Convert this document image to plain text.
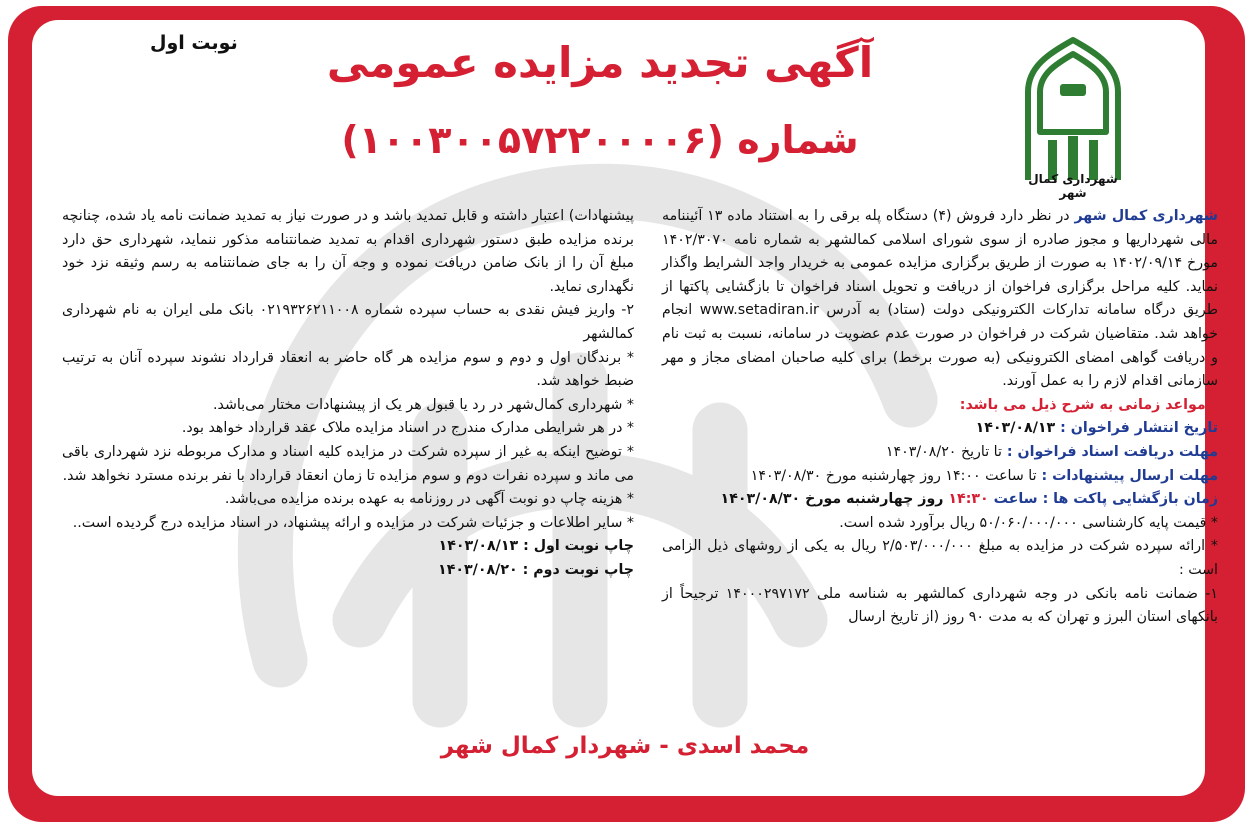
آگهی تجدید مزایده عمومی
شماره (۱۰۰۳۰۰۵۷۲۲۰۰۰۰۶)
نوبت اول
شهرداری کمال شهر

شهرداری کمال شهر در نظر دارد فروش (۴) دستگاه پله برقی را به استناد ماده ۱۳ آئیننامه مالی شهرداریها و مجوز صادره از سوی شورای اسلامی کمالشهر به شماره نامه ۱۴۰۲/۳۰۷۰ مورخ ۱۴۰۲/۰۹/۱۴ به صورت از طریق برگزاری مزایده عمومی به خریدار واجد الشرایط واگذار نماید. کلیه مراحل برگزاری فراخوان از دریافت و تحویل اسناد فراخوان تا بازگشایی پاکتها از طریق درگاه سامانه تدارکات الکترونیکی دولت (ستاد) به آدرس www.setadiran.ir انجام خواهد شد. متقاضیان شرکت در فراخوان در صورت عدم عضویت در سامانه، نسبت به ثبت نام و دریافت گواهی امضای الکترونیکی (به صورت برخط) برای کلیه صاحبان امضای مجاز و مهر سازمانی اقدام لازم را به عمل آورند.

* مواعد زمانی به شرح ذیل می باشد:

تاریخ انتشار فراخوان : ۱۴۰۳/۰۸/۱۳

مهلت دریافت اسناد فراخوان : تا تاریخ ۱۴۰۳/۰۸/۲۰

مهلت ارسال پیشنهادات : تا ساعت ۱۴:۰۰ روز چهارشنبه مورخ ۱۴۰۳/۰۸/۳۰

زمان بازگشایی پاکت ها : ساعت ۱۴:۳۰ روز چهارشنبه مورخ ۱۴۰۳/۰۸/۳۰

* قیمت پایه کارشناسی ۵۰/۰۶۰/۰۰۰/۰۰۰ ریال برآورد شده است.

* ارائه سپرده شرکت در مزایده به مبلغ ۲/۵۰۳/۰۰۰/۰۰۰ ریال به یکی از روشهای ذیل الزامی است :

۱- ضمانت نامه بانکی در وجه شهرداری کمالشهر به شناسه ملی ۱۴۰۰۰۲۹۷۱۷۲ ترجیحاً از بانکهای استان البرز و تهران که به مدت ۹۰ روز (از تاریخ ارسال

پیشنهادات) اعتبار داشته و قابل تمدید باشد و در صورت نیاز به تمدید ضمانت نامه یاد شده، چنانچه برنده مزایده طبق دستور شهرداری اقدام به تمدید ضمانتنامه مذکور ننماید، شهرداری حق دارد مبلغ آن را از بانک ضامن دریافت نموده و وجه آن را به جای ضمانتنامه به رسم وثیقه نزد خود نگهداری نماید.

۲- واریز فیش نقدی به حساب سپرده شماره ۰۲۱۹۳۲۶۲۱۱۰۰۸ بانک ملی ایران به نام شهرداری کمالشهر

* برندگان اول و دوم و سوم مزایده هر گاه حاضر به انعقاد قرارداد نشوند سپرده آنان به ترتیب ضبط خواهد شد.

* شهرداری کمال‌شهر در رد یا قبول هر یک از پیشنهادات مختار می‌باشد.

* در هر شرایطی مدارک مندرج در اسناد مزایده ملاک عقد قرارداد خواهد بود.

* توضیح اینکه به غیر از سپرده شرکت در مزایده کلیه اسناد و مدارک مربوطه نزد شهرداری باقی می ماند و سپرده نفرات دوم و سوم مزایده تا زمان انعقاد قرارداد با نفر برنده مسترد نخواهد شد.

* هزینه چاپ دو نوبت آگهی در روزنامه به عهده برنده مزایده می‌باشد.

* سایر اطلاعات و جزئیات شرکت در مزایده و ارائه پیشنهاد، در اسناد مزایده درج گردیده است..

چاپ نوبت اول : ۱۴۰۳/۰۸/۱۳

چاپ نوبت دوم : ۱۴۰۳/۰۸/۲۰

محمد اسدی - شهردار کمال شهر
